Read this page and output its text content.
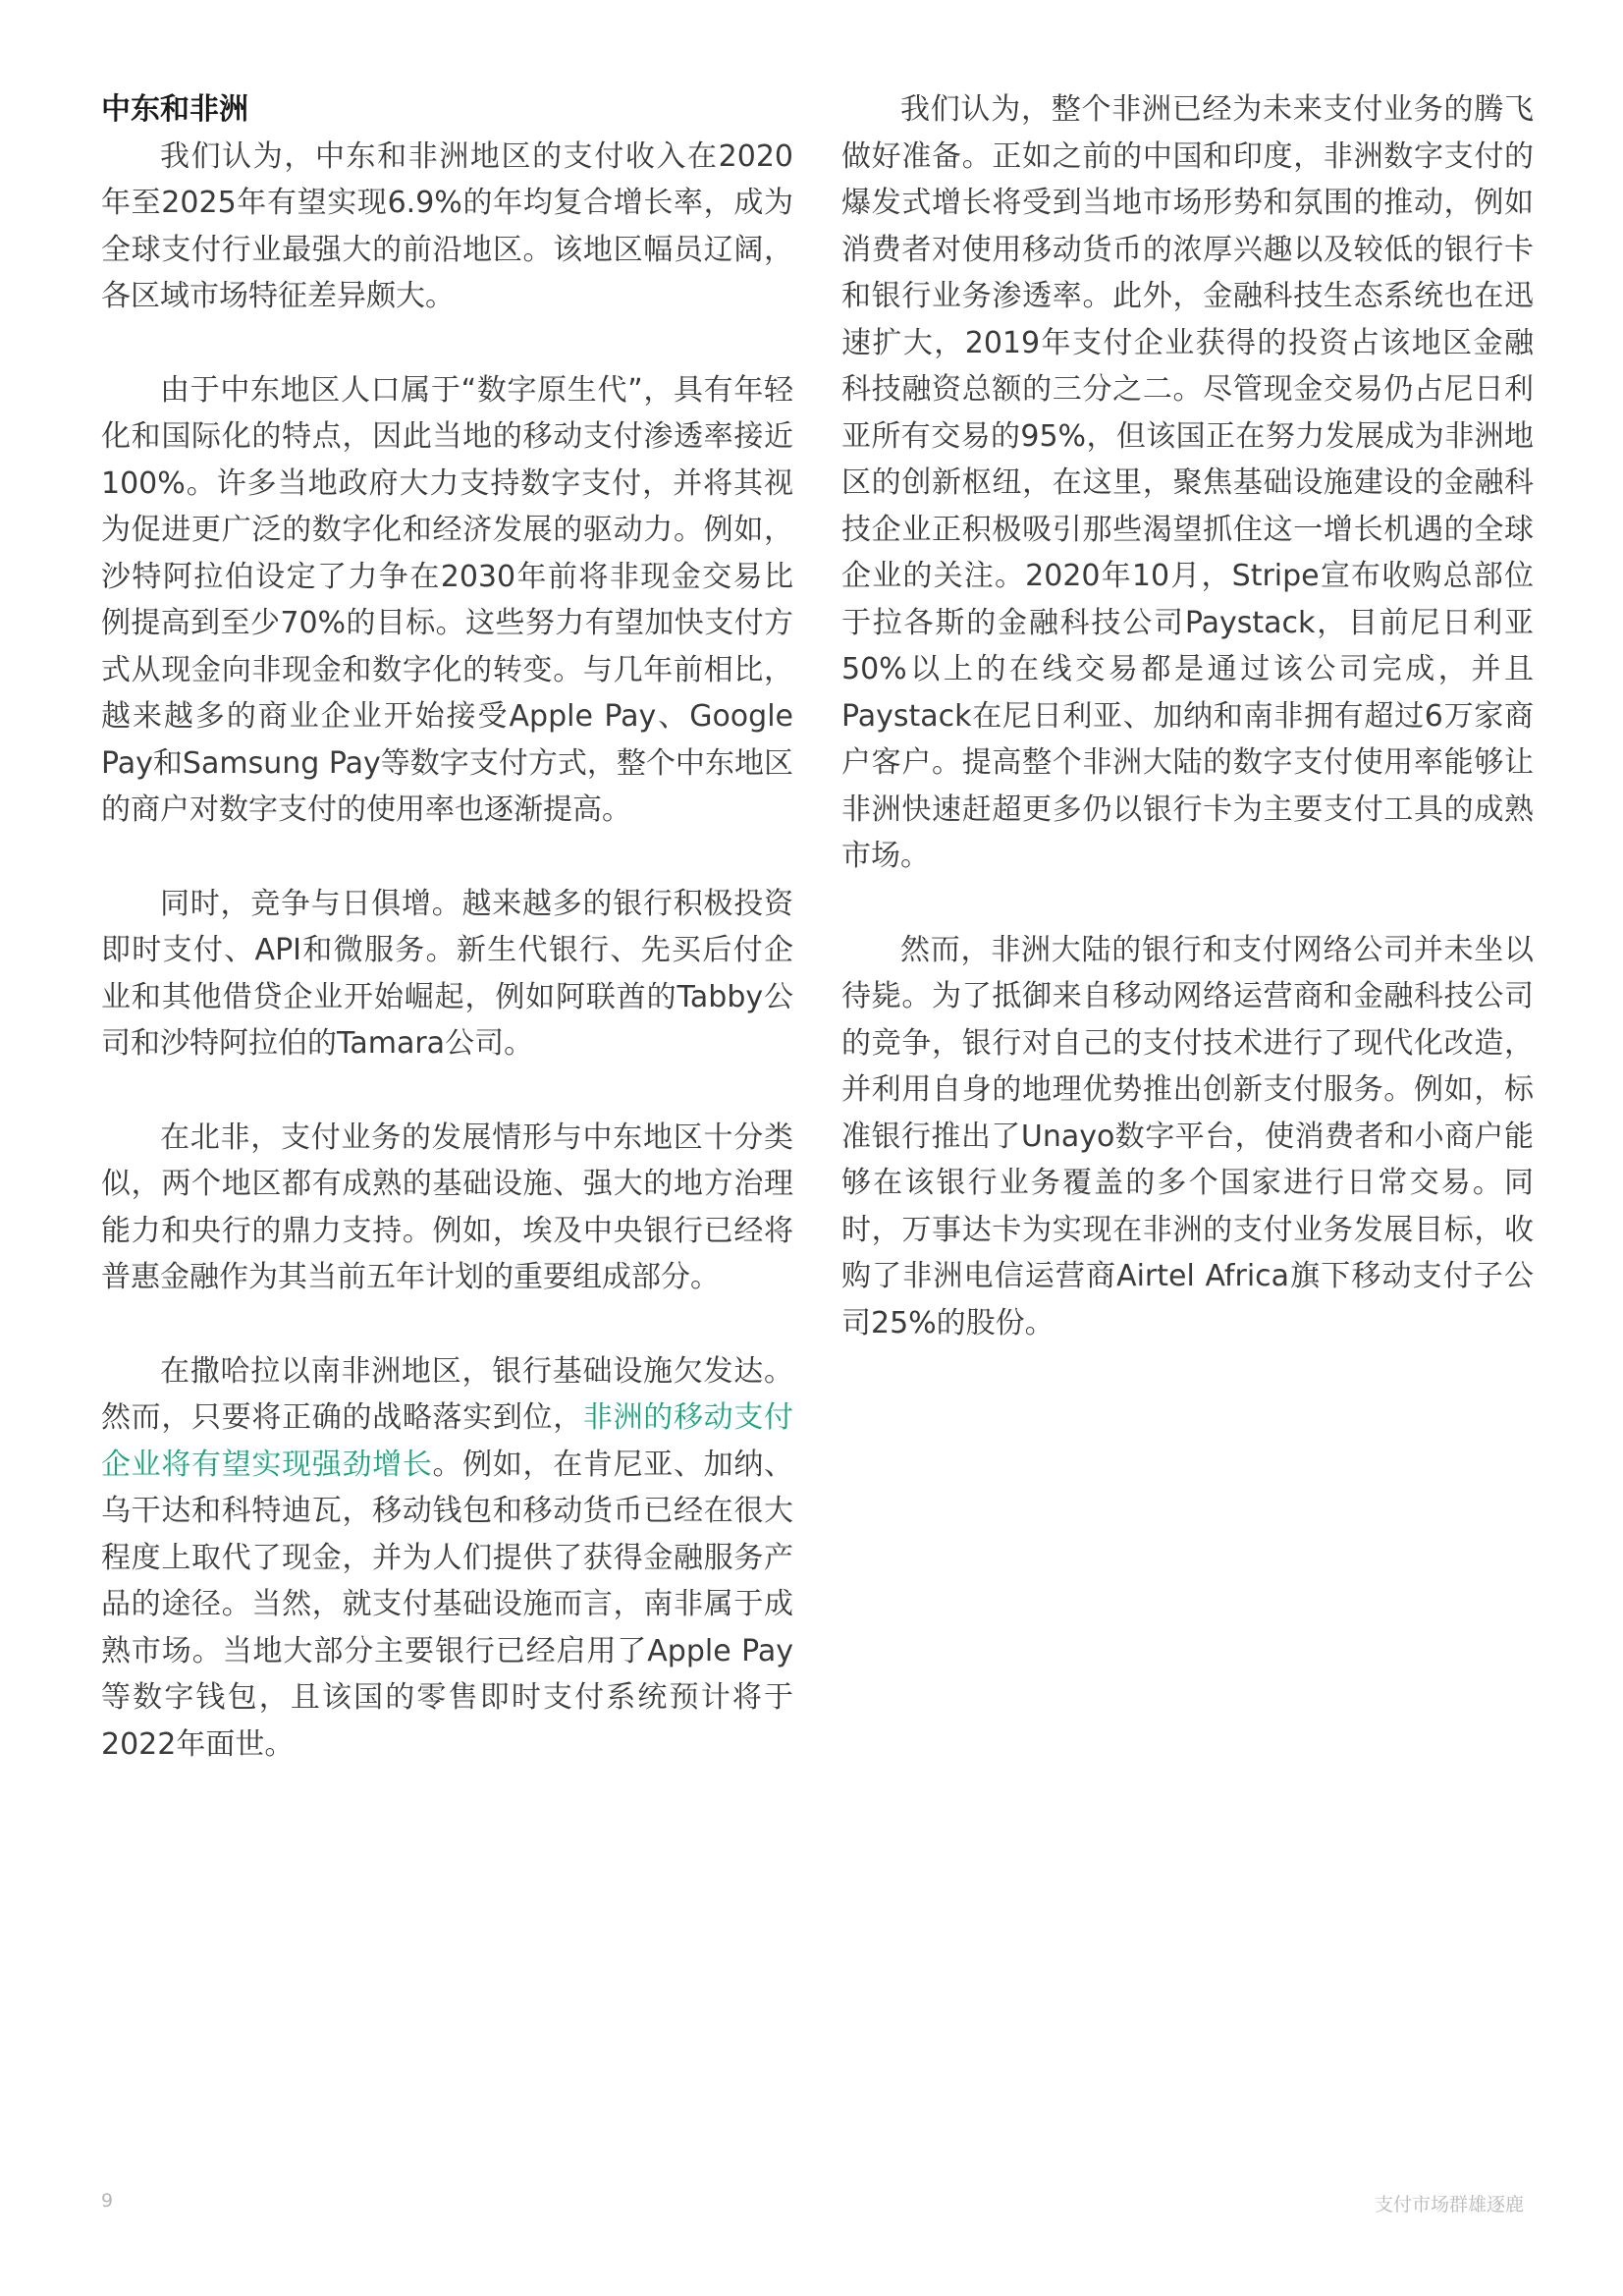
中东和非洲

我们认为，中东和非洲地区的支付收入在2020年至2025年有望实现6.9%的年均复合增长率，成为全球支付行业最强大的前沿地区。该地区幅员辽阔，各区域市场特征差异颇大。

由于中东地区人口属于“数字原生代”，具有年轻化和国际化的特点，因此当地的移动支付渗透率接近100%。许多当地政府大力支持数字支付，并将其视为促进更广泛的数字化和经济发展的驱动力。例如，沙特阿拉伯设定了力争在2030年前将非现金交易比例提高到至少70%的目标。这些努力有望加快支付方式从现金向非现金和数字化的转变。与几年前相比，越来越多的商业企业开始接受Apple Pay、Google Pay和Samsung Pay等数字支付方式，整个中东地区的商户对数字支付的使用率也逐渐提高。

同时，竞争与日俱增。越来越多的银行积极投资即时支付、API和微服务。新生代银行、先买后付企业和其他借贷企业开始崛起，例如阿联酋的Tabby公司和沙特阿拉伯的Tamara公司。

在北非，支付业务的发展情形与中东地区十分类似，两个地区都有成熟的基础设施、强大的地方治理能力和央行的鼎力支持。例如，埃及中央银行已经将普惠金融作为其当前五年计划的重要组成部分。

在撒哈拉以南非洲地区，银行基础设施欠发达。然而，只要将正确的战略落实到位，非洲的移动支付企业将有望实现强劲增长。例如，在肯尼亚、加纳、乌干达和科特迪瓦，移动钱包和移动货币已经在很大程度上取代了现金，并为人们提供了获得金融服务产品的途径。当然，就支付基础设施而言，南非属于成熟市场。当地大部分主要银行已经启用了Apple Pay等数字钱包，且该国的零售即时支付系统预计将于2022年面世。

我们认为，整个非洲已经为未来支付业务的腾飞做好准备。正如之前的中国和印度，非洲数字支付的爆发式增长将受到当地市场形势和氛围的推动，例如消费者对使用移动货币的浓厚兴趣以及较低的银行卡和银行业务渗透率。此外，金融科技生态系统也在迅速扩大，2019年支付企业获得的投资占该地区金融科技融资总额的三分之二。尽管现金交易仍占尼日利亚所有交易的95%，但该国正在努力发展成为非洲地区的创新枢纽，在这里，聚焦基础设施建设的金融科技企业正积极吸引那些渴望抓住这一增长机遇的全球企业的关注。2020年10月，Stripe宣布收购总部位于拉各斯的金融科技公司Paystack，目前尼日利亚50%以上的在线交易都是通过该公司完成，并且Paystack在尼日利亚、加纳和南非拥有超过6万家商户客户。提高整个非洲大陆的数字支付使用率能够让非洲快速赶超更多仍以银行卡为主要支付工具的成熟市场。

然而，非洲大陆的银行和支付网络公司并未坐以待毙。为了抵御来自移动网络运营商和金融科技公司的竞争，银行对自己的支付技术进行了现代化改造，并利用自身的地理优势推出创新支付服务。例如，标准银行推出了Unayo数字平台，使消费者和小商户能够在该银行业务覆盖的多个国家进行日常交易。同时，万事达卡为实现在非洲的支付业务发展目标，收购了非洲电信运营商Airtel Africa旗下移动支付子公司25%的股份。

9	支付市场群雄逐鹿
